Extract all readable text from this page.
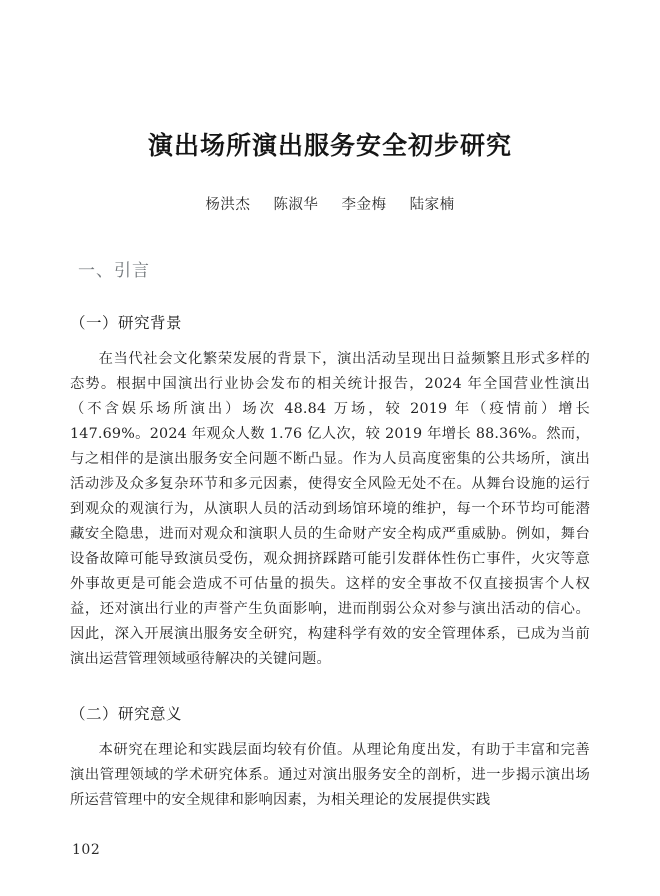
演出场所演出服务安全初步研究
杨洪杰 陈淑华 李金梅 陆家楠
一、引言
（一）研究背景

在当代社会文化繁荣发展的背景下，演出活动呈现出日益频繁且形式多样的态势。根据中国演出行业协会发布的相关统计报告，2024 年全国营业性演出（不含娱乐场所演出）场次 48.84 万场，较 2019 年（疫情前）增长 147.69%。2024 年观众人数 1.76 亿人次，较 2019 年增长 88.36%。然而，与之相伴的是演出服务安全问题不断凸显。作为人员高度密集的公共场所，演出活动涉及众多复杂环节和多元因素，使得安全风险无处不在。从舞台设施的运行到观众的观演行为，从演职人员的活动到场馆环境的维护，每一个环节均可能潜藏安全隐患，进而对观众和演职人员的生命财产安全构成严重威胁。例如，舞台设备故障可能导致演员受伤，观众拥挤踩踏可能引发群体性伤亡事件，火灾等意外事故更是可能会造成不可估量的损失。这样的安全事故不仅直接损害个人权益，还对演出行业的声誉产生负面影响，进而削弱公众对参与演出活动的信心。因此，深入开展演出服务安全研究，构建科学有效的安全管理体系，已成为当前演出运营管理领域亟待解决的关键问题。

（二）研究意义

本研究在理论和实践层面均较有价值。从理论角度出发，有助于丰富和完善演出管理领域的学术研究体系。通过对演出服务安全的剖析，进一步揭示演出场所运营管理中的安全规律和影响因素，为相关理论的发展提供实践

102
